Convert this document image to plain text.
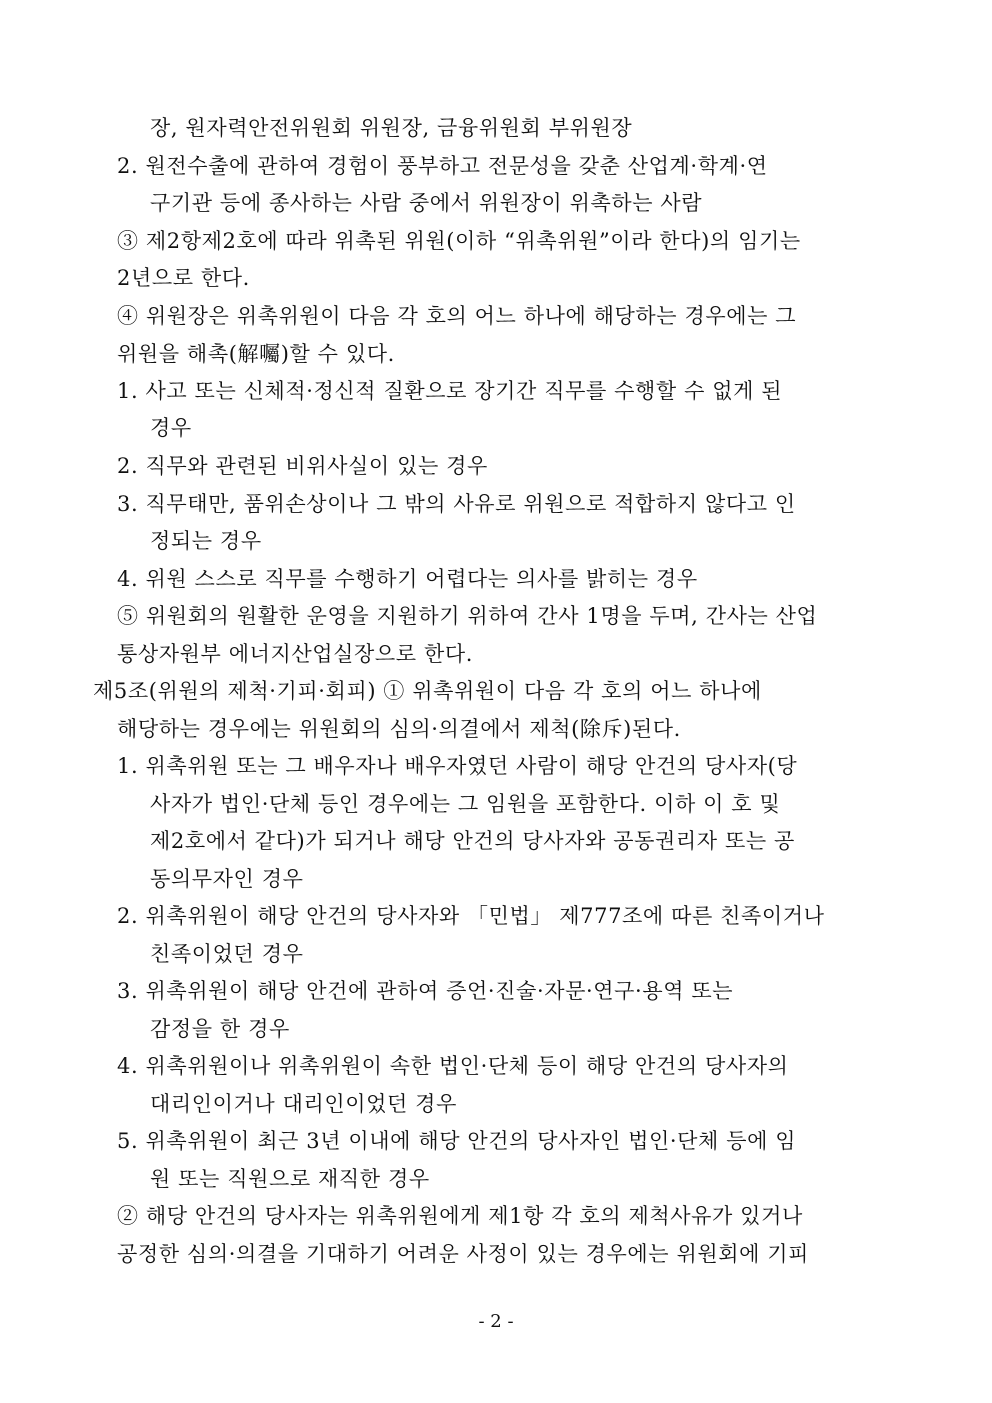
장, 원자력안전위원회 위원장, 금융위원회 부위원장
2. 원전수출에 관하여 경험이 풍부하고 전문성을 갖춘 산업계·학계·연
구기관 등에 종사하는 사람 중에서 위원장이 위촉하는 사람
③ 제2항제2호에 따라 위촉된 위원(이하 “위촉위원”이라 한다)의 임기는
2년으로 한다.
④ 위원장은 위촉위원이 다음 각 호의 어느 하나에 해당하는 경우에는 그
위원을 해촉(解囑)할 수 있다.
1. 사고 또는 신체적·정신적 질환으로 장기간 직무를 수행할 수 없게 된
경우
2. 직무와 관련된 비위사실이 있는 경우
3. 직무태만, 품위손상이나 그 밖의 사유로 위원으로 적합하지 않다고 인
정되는 경우
4. 위원 스스로 직무를 수행하기 어렵다는 의사를 밝히는 경우
⑤ 위원회의 원활한 운영을 지원하기 위하여 간사 1명을 두며, 간사는 산업
통상자원부 에너지산업실장으로 한다.
제5조(위원의 제척·기피·회피) ① 위촉위원이 다음 각 호의 어느 하나에
해당하는 경우에는 위원회의 심의·의결에서 제척(除斥)된다.
1. 위촉위원 또는 그 배우자나 배우자였던 사람이 해당 안건의 당사자(당
사자가 법인·단체 등인 경우에는 그 임원을 포함한다. 이하 이 호 및
제2호에서 같다)가 되거나 해당 안건의 당사자와 공동권리자 또는 공
동의무자인 경우
2. 위촉위원이 해당 안건의 당사자와 「민법」 제777조에 따른 친족이거나
친족이었던 경우
3. 위촉위원이 해당 안건에 관하여 증언·진술·자문·연구·용역 또는
감정을 한 경우
4. 위촉위원이나 위촉위원이 속한 법인·단체 등이 해당 안건의 당사자의
대리인이거나 대리인이었던 경우
5. 위촉위원이 최근 3년 이내에 해당 안건의 당사자인 법인·단체 등에 임
원 또는 직원으로 재직한 경우
② 해당 안건의 당사자는 위촉위원에게 제1항 각 호의 제척사유가 있거나
공정한 심의·의결을 기대하기 어려운 사정이 있는 경우에는 위원회에 기피
- 2 -
